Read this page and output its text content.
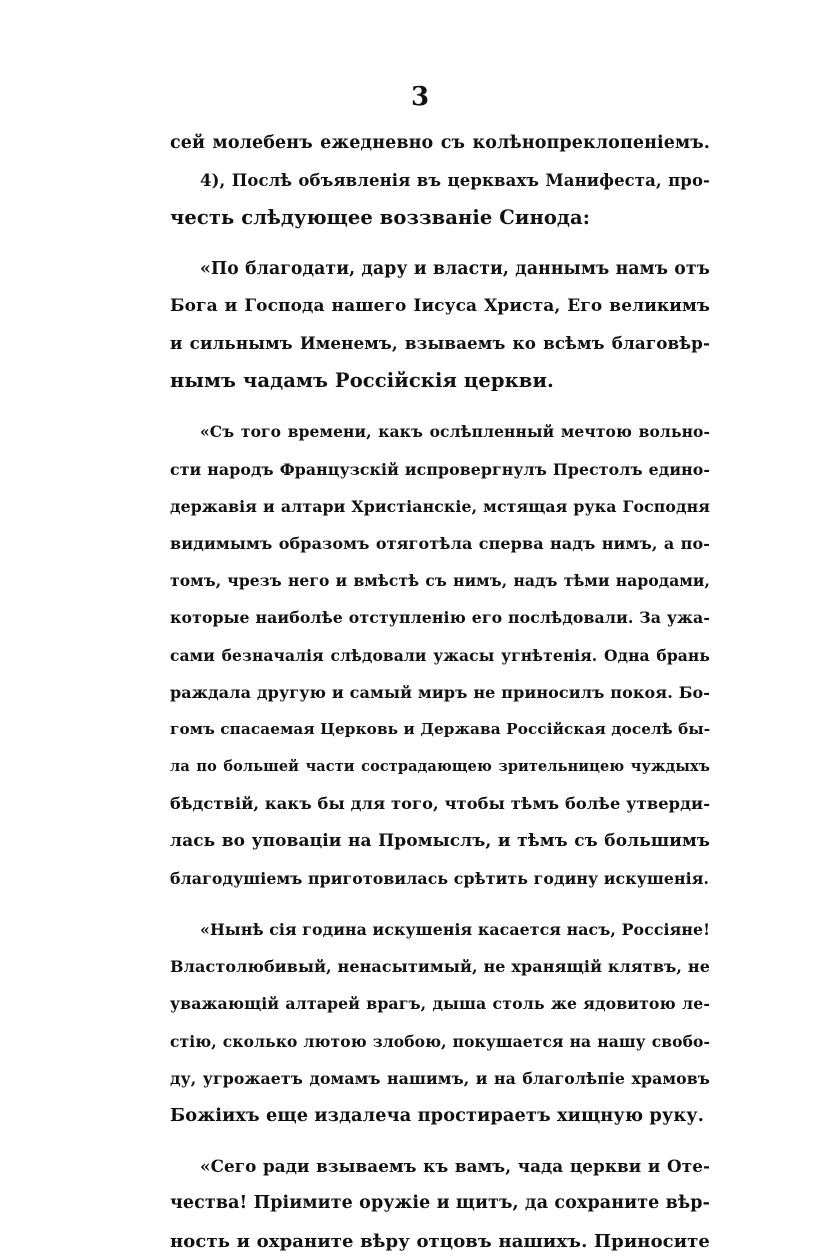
3
сей молебенъ ежедневно съ колѣнопреклопеніемъ.
4), Послѣ объявленія въ церквахъ Манифеста, про-
честь слѣдующее воззваніе Синода:
«По благодати, дару и власти, даннымъ намъ отъ
Бога и Господа нашего Іисуса Христа, Его великимъ
и сильнымъ Именемъ, взываемъ ко всѣмъ благовѣр-
нымъ чадамъ Россійскія церкви.
«Съ того времени, какъ ослѣпленный мечтою вольно-
сти народъ Французскій испровергнулъ Престолъ едино-
державія и алтари Христіанскіе, мстящая рука Господня
видимымъ образомъ отяготѣла сперва надъ нимъ, а по-
томъ, чрезъ него и вмѣстѣ съ нимъ, надъ тѣми народами,
которые наиболѣе отступленію его послѣдовали. За ужа-
сами безначалія слѣдовали ужасы угнѣтенія. Одна брань
раждала другую и самый миръ не приносилъ покоя. Бо-
гомъ спасаемая Церковь и Держава Россійская доселѣ бы-
ла по большей части сострадающею зрительницею чуждыхъ
бѣдствій, какъ бы для того, чтобы тѣмъ болѣе утверди-
лась во уповаціи на Промыслъ, и тѣмъ съ большимъ
благодушіемъ приготовилась срѣтить годину искушенія.
«Нынѣ сія година искушенія касается насъ, Россіяне!
Властолюбивый, ненасытимый, не хранящій клятвъ, не
уважающій алтарей врагъ, дыша столь же ядовитою ле-
стію, сколько лютою злобою, покушается на нашу свобо-
ду, угрожаетъ домамъ нашимъ, и на благолѣпіе храмовъ
Божіихъ еще издалеча простираетъ хищную руку.
«Сего ради взываемъ къ вамъ, чада церкви и Оте-
чества! Пріимите оружіе и щитъ, да сохраните вѣр-
ность и охраните вѣру отцовъ нашихъ. Приносите
